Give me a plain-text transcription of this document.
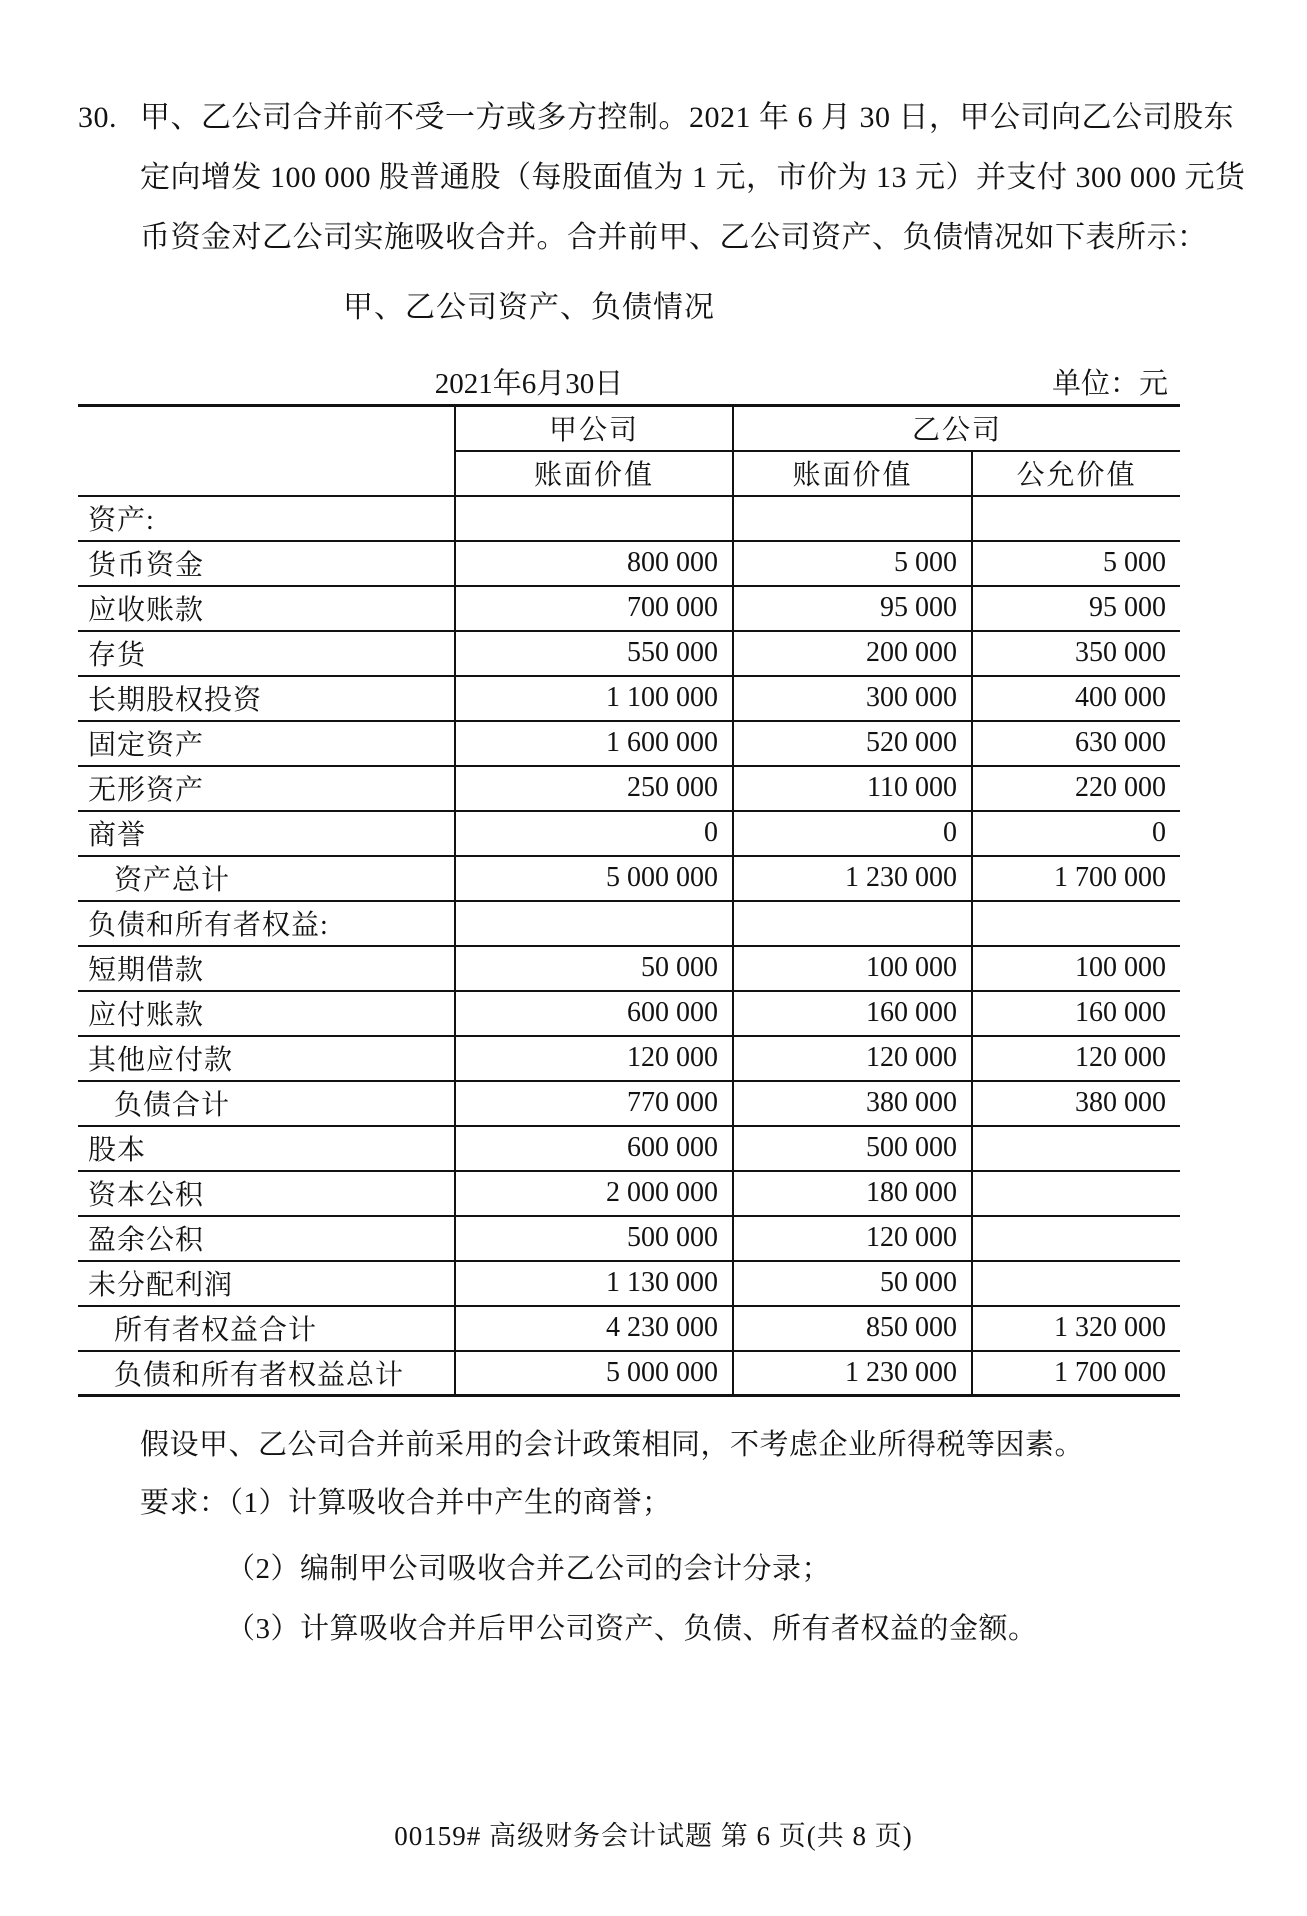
30. 甲、乙公司合并前不受一方或多方控制。2021 年 6 月 30 日，甲公司向乙公司股东
定向增发 100 000 股普通股（每股面值为 1 元，市价为 13 元）并支付 300 000 元货
币资金对乙公司实施吸收合并。合并前甲、乙公司资产、负债情况如下表所示：
甲、乙公司资产、负债情况
2021年6月30日	单位：元
	甲公司	乙公司	
	账面价值	账面价值	公允价值
资产:			
货币资金	800 000	5 000	5 000
应收账款	700 000	95 000	95 000
存货	550 000	200 000	350 000
长期股权投资	1 100 000	300 000	400 000
固定资产	1 600 000	520 000	630 000
无形资产	250 000	110 000	220 000
商誉	0	0	0
资产总计	5 000 000	1 230 000	1 700 000
负债和所有者权益:			
短期借款	50 000	100 000	100 000
应付账款	600 000	160 000	160 000
其他应付款	120 000	120 000	120 000
负债合计	770 000	380 000	380 000
股本	600 000	500 000	
资本公积	2 000 000	180 000	
盈余公积	500 000	120 000	
未分配利润	1 130 000	50 000	
所有者权益合计	4 230 000	850 000	1 320 000
负债和所有者权益总计	5 000 000	1 230 000	1 700 000
假设甲、乙公司合并前采用的会计政策相同，不考虑企业所得税等因素。
要求：（1）计算吸收合并中产生的商誉；
（2）编制甲公司吸收合并乙公司的会计分录；
（3）计算吸收合并后甲公司资产、负债、所有者权益的金额。
00159# 高级财务会计试题 第 6 页(共 8 页)
